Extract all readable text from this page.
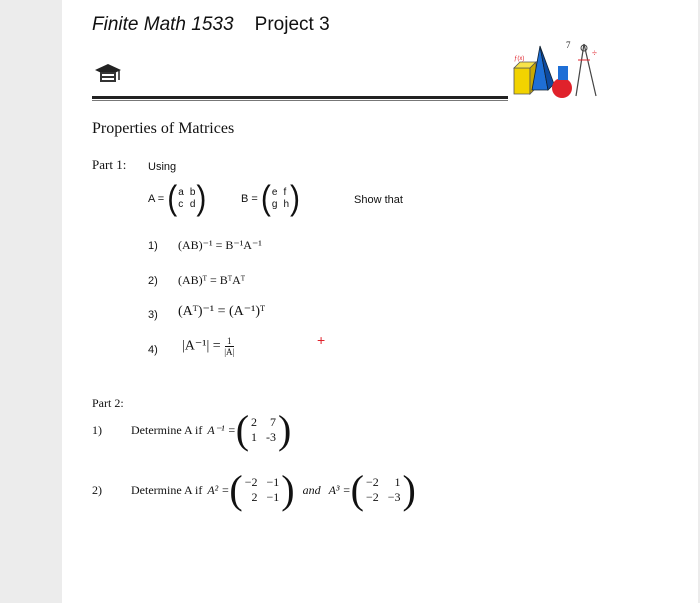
Finite Math 1533 Project 3
ƒ(x)
7
÷
Properties of Matrices
Part 1: Using
A = ( a b
c d )	B = ( e f
g h )	Show that
1) (AB)⁻¹ = B⁻¹A⁻¹
2) (AB)ᵀ = BᵀAᵀ
3) (Aᵀ)⁻¹ = (A⁻¹)ᵀ
4) $|A^{-1}| = \frac{1}{|A|}$	+
Part 2:
1) Determine A if A⁻¹ = ( 2	7
1 -3 )
2) Determine A if A² = ( −2 −1
2 −1 ) and A³ = ( −2	1
−2 −3 )
